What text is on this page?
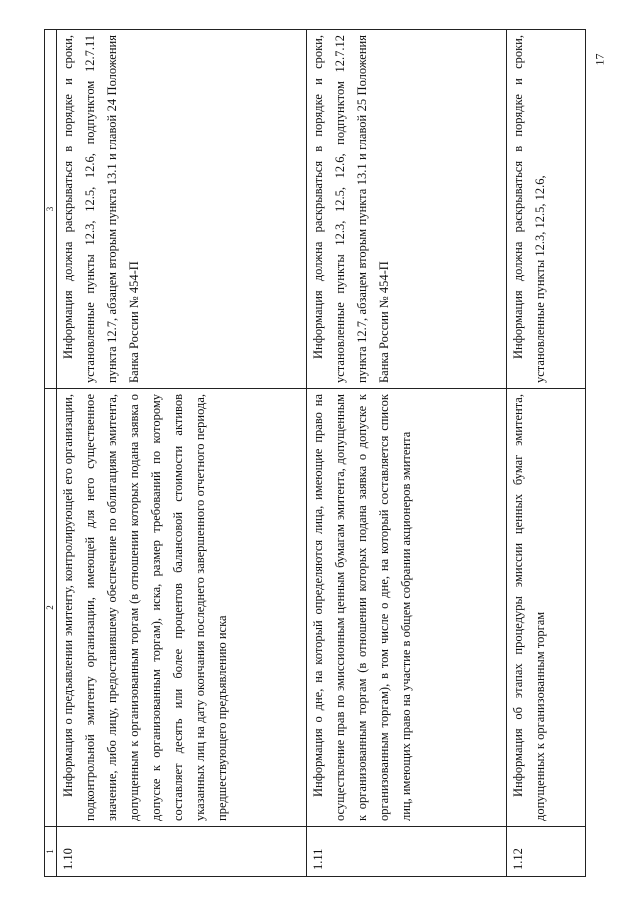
17
1	2	3
1.10	Информация о предъявлении эмитенту, контролирующей его организации, подконтрольной эмитенту организации, имеющей для него существенное значение, либо лицу, предоставившему обеспечение по облигациям эмитента, допущенным к организованным торгам (в отношении которых подана заявка о допуске к организованным торгам), иска, размер требований по которому составляет десять или более процентов балансовой стоимости активов указанных лиц на дату окончания последнего завершенного отчетного периода, предшествующего предъявлению иска	Информация должна раскрываться в порядке и сроки, установленные пункты 12.3, 12.5, 12.6, подпунктом 12.7.11 пункта 12.7, абзацем вторым пункта 13.1 и главой 24 Положения Банка России № 454-П

1.11	Информация о дне, на который определяются лица, имеющие право на осуществление прав по эмиссионным ценным бумагам эмитента, допущенным к организованным торгам (в отношении которых подана заявка о допуске к организованным торгам), в том числе о дне, на который составляется список лиц, имеющих право на участие в общем собрании акционеров эмитента	Информация должна раскрываться в порядке и сроки, установленные пункты 12.3, 12.5, 12.6, подпунктом 12.7.12 пункта 12.7, абзацем вторым пункта 13.1 и главой 25 Положения Банка России № 454-П

1.12	Информация об этапах процедуры эмиссии ценных бумаг эмитента, допущенных к организованным торгам	Информация должна раскрываться в порядке и сроки, установленные пункты 12.3, 12.5, 12.6,
